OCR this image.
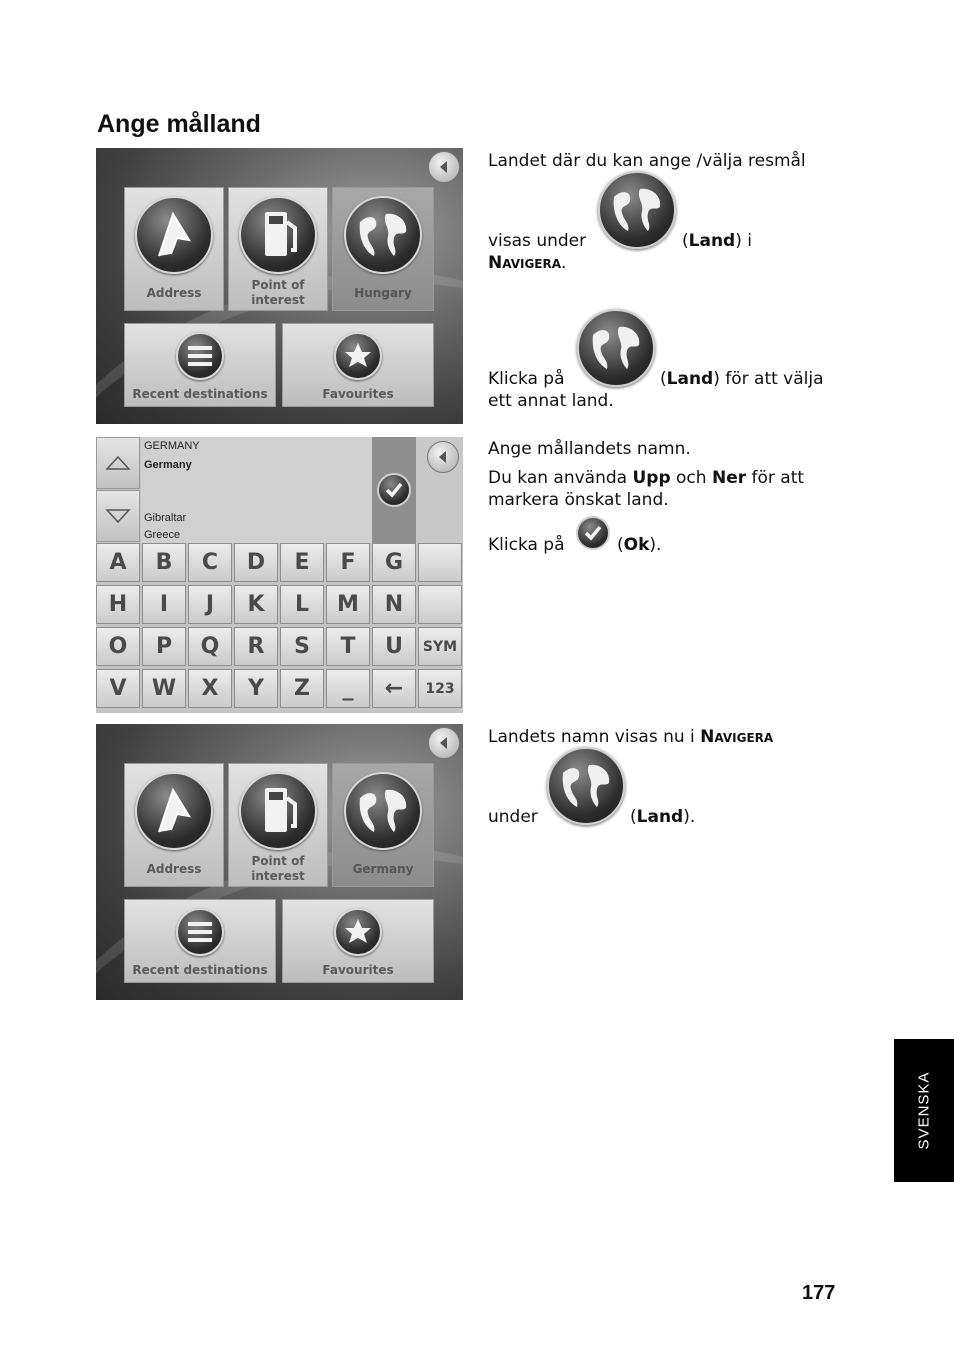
Ange målland
Address
Point of
interest	Hungary
Recent destinations	Favourites
GERMANY
Germany
Gibraltar
Greece
A	B	C	D	E	F	G
H	I	J	K	L	M	N
O	P	Q	R	S	T	U	SYM
V	W	X	Y	Z	_	←	123
Address
Point of
interest	Germany
Recent destinations	Favourites
Landet där du kan ange /välja resmål
visas under	(Land) i
Navigera.
Klicka på	(Land) för att välja
ett annat land.
Ange mållandets namn.
Du kan använda Upp och Ner för att
markera önskat land.
Klicka på	(Ok).
Landets namn visas nu i Navigera
under	(Land).
SVENSKA
177
